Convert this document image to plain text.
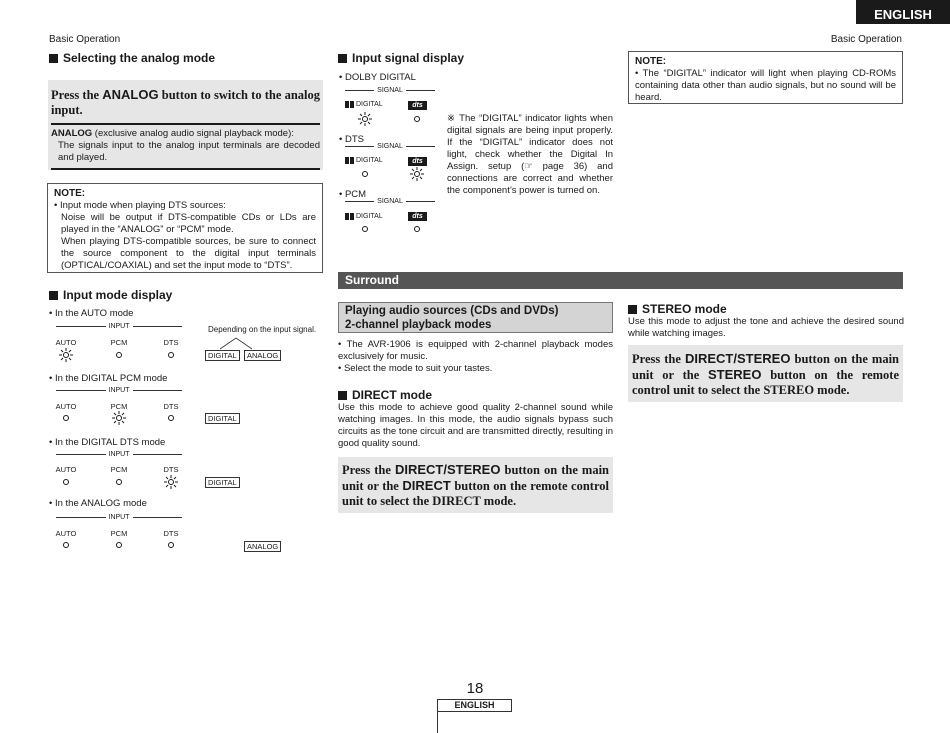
ENGLISH
Basic Operation	Basic Operation
Selecting the analog mode
Press the ANALOG button to switch to the analog input.
ANALOG (exclusive analog audio signal playback mode):
The signals input to the analog input terminals are decoded and played.
NOTE:
• Input mode when playing DTS sources:
Noise will be output if DTS-compatible CDs or LDs are played in the “ANALOG” or “PCM” mode.
When playing DTS-compatible sources, be sure to connect the source component to the digital input terminals (OPTICAL/COAXIAL) and set the input mode to “DTS”.
Input mode display
• In the AUTO mode
INPUT
AUTO	PCM	DTS
Depending on the input signal.
DIGITAL	ANALOG
• In the DIGITAL PCM mode
INPUT
AUTO	PCM	DTS
DIGITAL
• In the DIGITAL DTS mode
INPUT
AUTO	PCM	DTS
DIGITAL
• In the ANALOG mode
INPUT
AUTO	PCM	DTS
ANALOG
Input signal display
• DOLBY DIGITAL
SIGNAL
DIGITAL	dts
• DTS
SIGNAL
DIGITAL	dts
• PCM
SIGNAL
DIGITAL	dts
※ The “DIGITAL” indicator lights when digital signals are being input properly. If the “DIGITAL” indicator does not light, check whether the Digital In Assign. setup (☞ page 36) and connections are correct and whether the component’s power is turned on.
NOTE:
• The “DIGITAL” indicator will light when playing CD-ROMs containing data other than audio signals, but no sound will be heard.
Surround
Playing audio sources (CDs and DVDs)
2-channel playback modes
• The AVR-1906 is equipped with 2-channel playback modes exclusively for music.
• Select the mode to suit your tastes.
DIRECT mode
Use this mode to achieve good quality 2-channel sound while watching images. In this mode, the audio signals bypass such circuits as the tone circuit and are transmitted directly, resulting in good quality sound.
Press the DIRECT/STEREO button on the main unit or the DIRECT button on the remote control unit to select the DIRECT mode.
STEREO mode
Use this mode to adjust the tone and achieve the desired sound while watching images.
Press the DIRECT/STEREO button on the main unit or the STEREO button on the remote control unit to select the STEREO mode.
18
ENGLISH
